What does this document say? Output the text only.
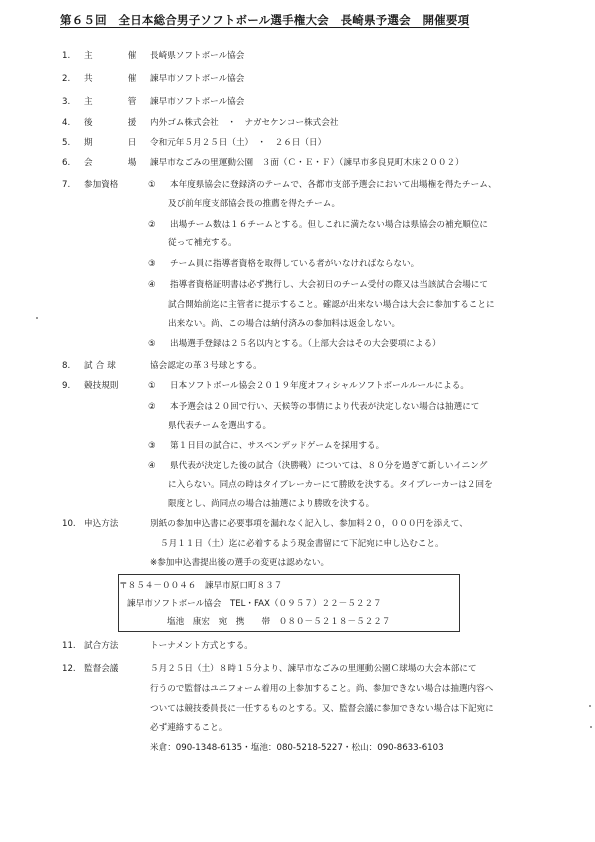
第６５回　全日本総合男子ソフトボール選手権大会　長崎県予選会　開催要項
1.	主　　催 長崎県ソフトボール協会
2.	共　　催 諫早市ソフトボール協会
3.	主　　管 諫早市ソフトボール協会
4.	後　　援 内外ゴム株式会社　・　ナガセケンコー株式会社
5.	期　　日 令和元年５月２５日（土）　・　２６日（日）
6.	会　　場 諫早市なごみの里運動公園　３面（Ｃ・Ｅ・Ｆ）（諫早市多良見町木床２００２）
7.	参加資格	①	本年度県協会に登録済のテームで、各都市支部予選会において出場権を得たチーム、
及び前年度支部協会長の推薦を得たチーム。
②	出場チーム数は１６チームとする。但しこれに満たない場合は県協会の補充順位に
従って補充する。
③	チーム員に指導者資格を取得している者がいなければならない。
④	指導者資格証明書は必ず携行し、大会初日のチーム受付の際又は当該試合会場にて
試合開始前迄に主管者に提示すること。確認が出来ない場合は大会に参加することに
出来ない。尚、この場合は納付済みの参加料は返金しない。
⑤	出場選手登録は２５名以内とする。（上部大会はその大会要項による）
8.	試合球	協会認定の革３号球とする。
9.	競技規則	①	日本ソフトボール協会２０１９年度オフィシャルソフトボールルールによる。
②	本予選会は２０回で行い、天候等の事情により代表が決定しない場合は抽選にて
県代表チームを選出する。
③	第１日目の試合に、サスペンデッドゲームを採用する。
④	県代表が決定した後の試合（決勝戦）については、８０分を過ぎて新しいイニング
に入らない。同点の時はタイブレーカーにて勝敗を決する。タイブレーカーは２回を
限度とし、尚同点の場合は抽選により勝敗を決する。
10. 申込方法	別紙の参加申込書に必要事項を漏れなく記入し、参加料２０，０００円を添えて、
５月１１日（土）迄に必着するよう現金書留にて下記宛に申し込むこと。
※参加申込書提出後の選手の変更は認めない。
〒８５４－００４６　諫早市原口町８３７
諫早市ソフトボール協会　TEL・FAX（０９５７）２２－５２２７
塩池　康宏　宛　携　　帯　０８０－５２１８－５２２７
11. 試合方法	トーナメント方式とする。
12. 監督会議	５月２５日（土）８時１５分より、諫早市なごみの里運動公園Ｃ球場の大会本部にて
行うので監督はユニフォーム着用の上参加すること。尚、参加できない場合は抽選内容へ
ついては競技委員長に一任するものとする。又、監督会議に参加できない場合は下記宛に
必ず連絡すること。
米倉：090-1348-6135・塩池：080-5218-5227・松山：090-8633-6103
